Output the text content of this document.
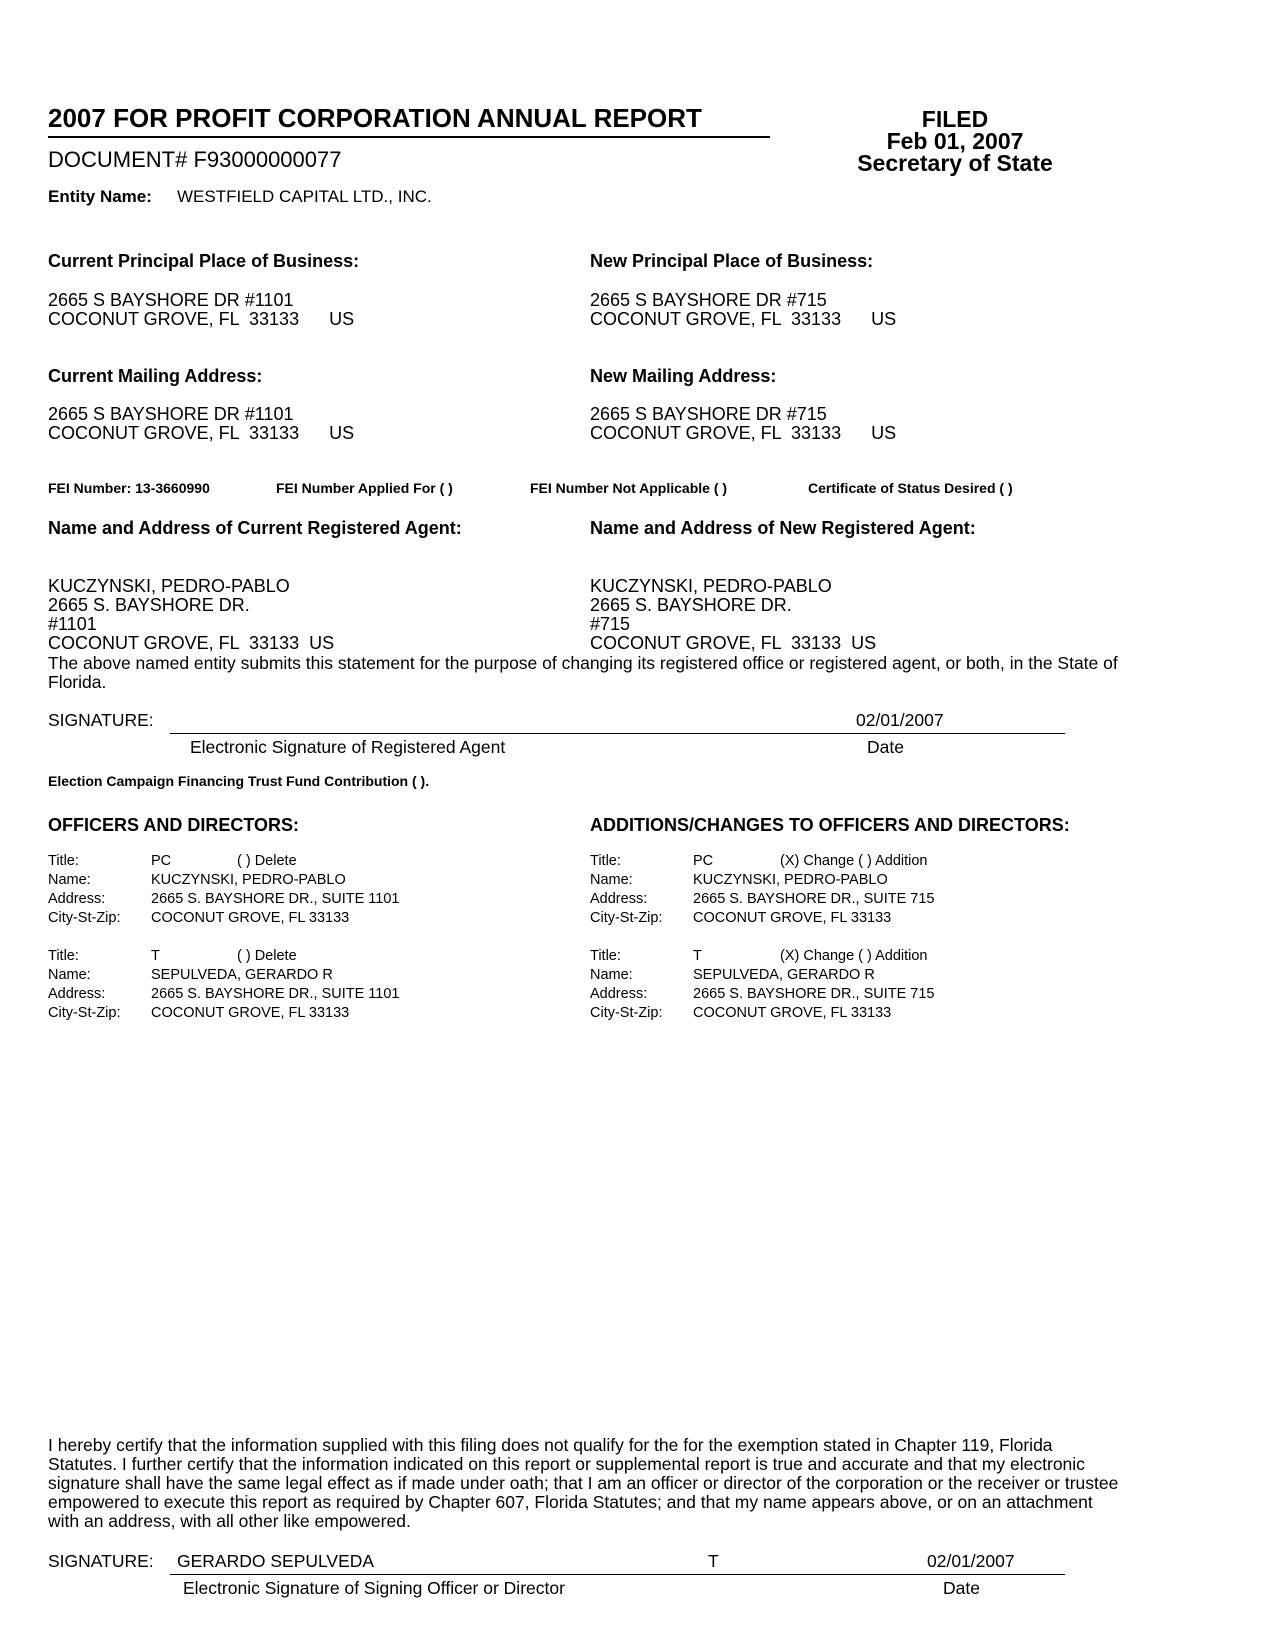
2007 FOR PROFIT CORPORATION ANNUAL REPORT
DOCUMENT# F93000000077
FILED
Feb 01, 2007
Secretary of State
Entity Name: WESTFIELD CAPITAL LTD., INC.
Current Principal Place of Business:
2665 S BAYSHORE DR #1101
COCONUT GROVE, FL  33133      US
New Principal Place of Business:
2665 S BAYSHORE DR #715
COCONUT GROVE, FL  33133      US
Current Mailing Address:
2665 S BAYSHORE DR #1101
COCONUT GROVE, FL  33133      US
New Mailing Address:
2665 S BAYSHORE DR #715
COCONUT GROVE, FL  33133      US
FEI Number: 13-3660990	FEI Number Applied For ( )	FEI Number Not Applicable ( )	Certificate of Status Desired ( )
Name and Address of Current Registered Agent:

KUCZYNSKI, PEDRO-PABLO
2665 S. BAYSHORE DR.
#1101
COCONUT GROVE, FL  33133  US

Name and Address of New Registered Agent:

KUCZYNSKI, PEDRO-PABLO
2665 S. BAYSHORE DR.
#715
COCONUT GROVE, FL  33133  US

The above named entity submits this statement for the purpose of changing its registered office or registered agent, or both, in the State of Florida.
SIGNATURE:	02/01/2007
Electronic Signature of Registered Agent	Date
Election Campaign Financing Trust Fund Contribution ( ).
OFFICERS AND DIRECTORS:	ADDITIONS/CHANGES TO OFFICERS AND DIRECTORS:
Title:	PC	( ) Delete
Name:	KUCZYNSKI, PEDRO-PABLO
Address:	2665 S. BAYSHORE DR., SUITE 1101
City-St-Zip: COCONUT GROVE, FL 33133
Title:	T	( ) Delete
Name:	SEPULVEDA, GERARDO R
Address:	2665 S. BAYSHORE DR., SUITE 1101
City-St-Zip: COCONUT GROVE, FL 33133
Title:	PC	(X) Change ( ) Addition
Name:	KUCZYNSKI, PEDRO-PABLO
Address:	2665 S. BAYSHORE DR., SUITE 715
City-St-Zip: COCONUT GROVE, FL 33133
Title:	T	(X) Change ( ) Addition
Name:	SEPULVEDA, GERARDO R
Address:	2665 S. BAYSHORE DR., SUITE 715
City-St-Zip: COCONUT GROVE, FL 33133
I hereby certify that the information supplied with this filing does not qualify for the for the exemption stated in Chapter 119, Florida Statutes. I further certify that the information indicated on this report or supplemental report is true and accurate and that my electronic signature shall have the same legal effect as if made under oath; that I am an officer or director of the corporation or the receiver or trustee empowered to execute this report as required by Chapter 607, Florida Statutes; and that my name appears above, or on an attachment with an address, with all other like empowered.
SIGNATURE: GERARDO SEPULVEDA	T	02/01/2007
Electronic Signature of Signing Officer or Director	Date
